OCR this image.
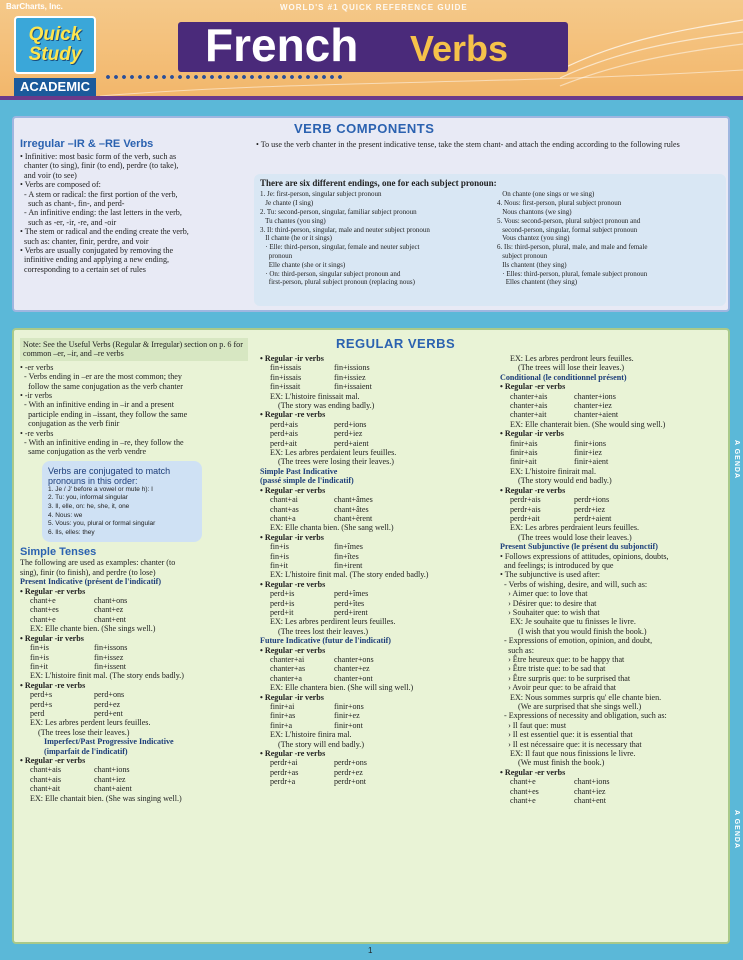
BarCharts, Inc.	WORLD'S #1 QUICK REFERENCE GUIDE
Quick
Study
ACADEMIC
French Verbs
VERB COMPONENTS
Irregular –IR & –RE Verbs
• Infinitive: most basic form of the verb, such as
chanter (to sing), finir (to end), perdre (to take),
and voir (to see)
• Verbs are composed of:
- A stem or radical: the first portion of the verb,
such as chant-, fin-, and perd-
- An infinitive ending: the last letters in the verb,
such as -er, -ir, -re, and -oir
• The stem or radical and the ending create the verb,
such as: chanter, finir, perdre, and voir
• Verbs are usually conjugated by removing the
infinitive ending and applying a new ending,
corresponding to a certain set of rules
• To use the verb chanter in the present indicative tense, take the stem chant- and attach the ending according to the following rules
There are six different endings, one for each subject pronoun:
1. Je: first-person, singular subject pronoun
Je chante (I sing)
2. Tu: second-person, singular, familiar subject pronoun
Tu chantes (you sing)
3. Il: third-person, singular, male and neuter subject pronoun
Il chante (he or it sings)
· Elle: third-person, singular, female and neuter subject
pronoun
Elle chante (she or it sings)
· On: third-person, singular subject pronoun and
first-person, plural subject pronoun (replacing nous)
On chante (one sings or we sing)
4. Nous: first-person, plural subject pronoun
Nous chantons (we sing)
5. Vous: second-person, plural subject pronoun and
second-person, singular, formal subject pronoun
Vous chantez (you sing)
6. Ils: third-person, plural, male, and male and female
subject pronoun
Ils chantent (they sing)
· Elles: third-person, plural, female subject pronoun
Elles chantent (they sing)
REGULAR VERBS
Note: See the Useful Verbs (Regular & Irregular) section on p. 6 for common –er, –ir, and –re verbs
• -er verbs
- Verbs ending in –er are the most common; they
follow the same conjugation as the verb chanter
• -ir verbs
- With an infinitive ending in –ir and a present
participle ending in –issant, they follow the same
conjugation as the verb finir
• -re verbs
- With an infinitive ending in –re, they follow the
same conjugation as the verb vendre
Verbs are conjugated to match pronouns in this order:
1. Je / J' before a vowel or mute h): I
2. Tu: you, informal singular
3. Il, elle, on: he, she, it, one
4. Nous: we
5. Vous: you, plural or formal singular
6. Ils, elles: they
Simple Tenses
The following are used as examples: chanter (to
sing), finir (to finish), and perdre (to lose)
Present Indicative (présent de l'indicatif)
• Regular -er verbs
chant+e	chant+ons
chant+es	chant+ez
chant+e	chant+ent
EX: Elle chante bien. (She sings well.)
• Regular -ir verbs
fin+is	fin+issons
fin+is	fin+issez
fin+it	fin+issent
EX: L'histoire finit mal. (The story ends badly.)
• Regular -re verbs
perd+s	perd+ons
perd+s	perd+ez
perd	perd+ent
EX: Les arbres perdent leurs feuilles.
(The trees lose their leaves.)
Imperfect/Past Progressive Indicative
(imparfait de l'indicatif)
• Regular -er verbs
chant+ais	chant+ions
chant+ais	chant+iez
chant+ait	chant+aient
EX: Elle chantait bien. (She was singing well.)
• Regular -ir verbs
fin+issais	fin+issions
fin+issais	fin+issiez
fin+issait	fin+issaient
EX: L'histoire finissait mal.
(The story was ending badly.)
• Regular -re verbs
perd+ais	perd+ions
perd+ais	perd+iez
perd+ait	perd+aient
EX: Les arbres perdaient leurs feuilles.
(The trees were losing their leaves.)
Simple Past Indicative
(passé simple de l'indicatif)
• Regular -er verbs
chant+ai	chant+âmes
chant+as	chant+âtes
chant+a	chant+èrent
EX: Elle chanta bien. (She sang well.)
• Regular -ir verbs
fin+is	fin+îmes
fin+is	fin+îtes
fin+it	fin+irent
EX: L'histoire finit mal. (The story ended badly.)
• Regular -re verbs
perd+is	perd+îmes
perd+is	perd+îtes
perd+it	perd+irent
EX: Les arbres perdirent leurs feuilles.
(The trees lost their leaves.)
Future Indicative (futur de l'indicatif)
• Regular -er verbs
chanter+ai	chanter+ons
chanter+as	chanter+ez
chanter+a	chanter+ont
EX: Elle chantera bien. (She will sing well.)
• Regular -ir verbs
finir+ai	finir+ons
finir+as	finir+ez
finir+a	finir+ont
EX: L'histoire finira mal.
(The story will end badly.)
• Regular -re verbs
perdr+ai	perdr+ons
perdr+as	perdr+ez
perdr+a	perdr+ont
EX: Les arbres perdront leurs feuilles.
(The trees will lose their leaves.)
Conditional (le conditionnel présent)
• Regular -er verbs
chanter+ais	chanter+ions
chanter+ais	chanter+iez
chanter+ait	chanter+aient
EX: Elle chanterait bien. (She would sing well.)
• Regular -ir verbs
finir+ais	finir+ions
finir+ais	finir+iez
finir+ait	finir+aient
EX: L'histoire finirait mal.
(The story would end badly.)
• Regular -re verbs
perdr+ais	perdr+ions
perdr+ais	perdr+iez
perdr+ait	perdr+aient
EX: Les arbres perdraient leurs feuilles.
(The trees would lose their leaves.)
Present Subjunctive (le présent du subjonctif)
• Follows expressions of attitudes, opinions, doubts,
and feelings; is introduced by que
• The subjunctive is used after:
- Verbs of wishing, desire, and will, such as:
› Aimer que: to love that
› Désirer que: to desire that
› Souhaiter que: to wish that
EX: Je souhaite que tu finisses le livre.
(I wish that you would finish the book.)
- Expressions of emotion, opinion, and doubt,
such as:
› Être heureux que: to be happy that
› Être triste que: to be sad that
› Être surpris que: to be surprised that
› Avoir peur que: to be afraid that
EX: Nous sommes surpris qu' elle chante bien.
(We are surprised that she sings well.)
- Expressions of necessity and obligation, such as:
› Il faut que: must
› Il est essentiel que: it is essential that
› Il est nécessaire que: it is necessary that
EX: Il faut que nous finissions le livre.
(We must finish the book.)
• Regular -er verbs
chant+e	chant+ions
chant+es	chant+iez
chant+e	chant+ent
A GENDA
A GENDA
1
